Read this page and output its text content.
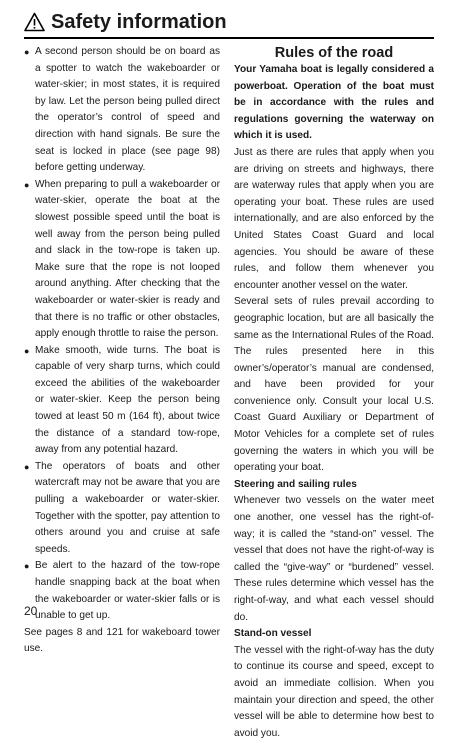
Safety information
● A second person should be on board as a spotter to watch the wakeboarder or water-skier; in most states, it is required by law. Let the person being pulled direct the operator’s control of speed and direction with hand signals. Be sure the seat is locked in place (see page 98) before getting underway.
● When preparing to pull a wakeboarder or water-skier, operate the boat at the slowest possible speed until the boat is well away from the person being pulled and slack in the tow-rope is taken up. Make sure that the rope is not looped around anything. After checking that the wakeboarder or water-skier is ready and that there is no traffic or other obstacles, apply enough throttle to raise the person.
● Make smooth, wide turns. The boat is capable of very sharp turns, which could exceed the abilities of the wakeboarder or water-skier. Keep the person being towed at least 50 m (164 ft), about twice the distance of a standard tow-rope, away from any potential hazard.
● The operators of boats and other watercraft may not be aware that you are pulling a wakeboarder or water-skier. Together with the spotter, pay attention to others around you and cruise at safe speeds.
● Be alert to the hazard of the tow-rope handle snapping back at the boat when the wakeboarder or water-skier falls or is unable to get up.

See pages 8 and 121 for wakeboard tower use.

Rules of the road

Your Yamaha boat is legally considered a powerboat. Operation of the boat must be in accordance with the rules and regulations governing the waterway on which it is used.

Just as there are rules that apply when you are driving on streets and highways, there are waterway rules that apply when you are operating your boat. These rules are used internationally, and are also enforced by the United States Coast Guard and local agencies. You should be aware of these rules, and follow them whenever you encounter another vessel on the water.

Several sets of rules prevail according to geographic location, but are all basically the same as the International Rules of the Road. The rules presented here in this owner’s/operator’s manual are condensed, and have been provided for your convenience only. Consult your local U.S. Coast Guard Auxiliary or Department of Motor Vehicles for a complete set of rules governing the waters in which you will be operating your boat.

Steering and sailing rules

Whenever two vessels on the water meet one another, one vessel has the right-of-way; it is called the “stand-on” vessel. The vessel that does not have the right-of-way is called the “give-way” or “burdened” vessel. These rules determine which vessel has the right-of-way, and what each vessel should do.

Stand-on vessel

The vessel with the right-of-way has the duty to continue its course and speed, except to avoid an immediate collision. When you maintain your direction and speed, the other vessel will be able to determine how best to avoid you.

20
